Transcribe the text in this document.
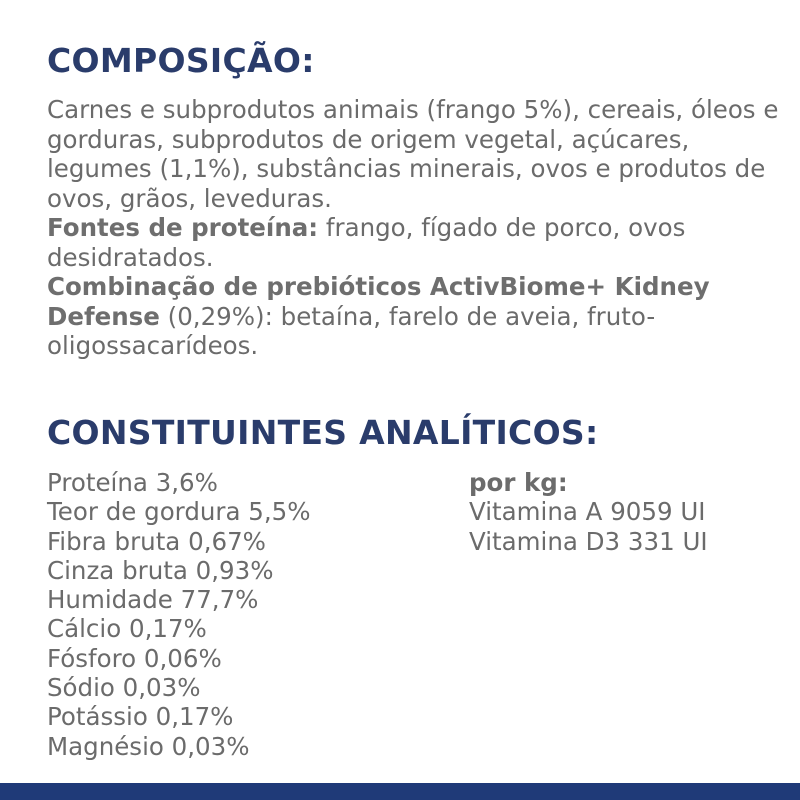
COMPOSIÇÃO:

Carnes e subprodutos animais (frango 5%), cereais, óleos e gorduras, subprodutos de origem vegetal, açúcares, legumes (1,1%), substâncias minerais, ovos e produtos de ovos, grãos, leveduras.

Fontes de proteína: frango, fígado de porco, ovos desidratados.

Combinação de prebióticos ActivBiome+ Kidney Defense (0,29%): betaína, farelo de aveia, fruto-oligossacarídeos.

CONSTITUINTES ANALÍTICOS:
Proteína 3,6%
Teor de gordura 5,5%
Fibra bruta 0,67%
Cinza bruta 0,93%
Humidade 77,7%
Cálcio 0,17%
Fósforo 0,06%
Sódio 0,03%
Potássio 0,17%
Magnésio 0,03%
por kg:
Vitamina A 9059 UI
Vitamina D3 331 UI
